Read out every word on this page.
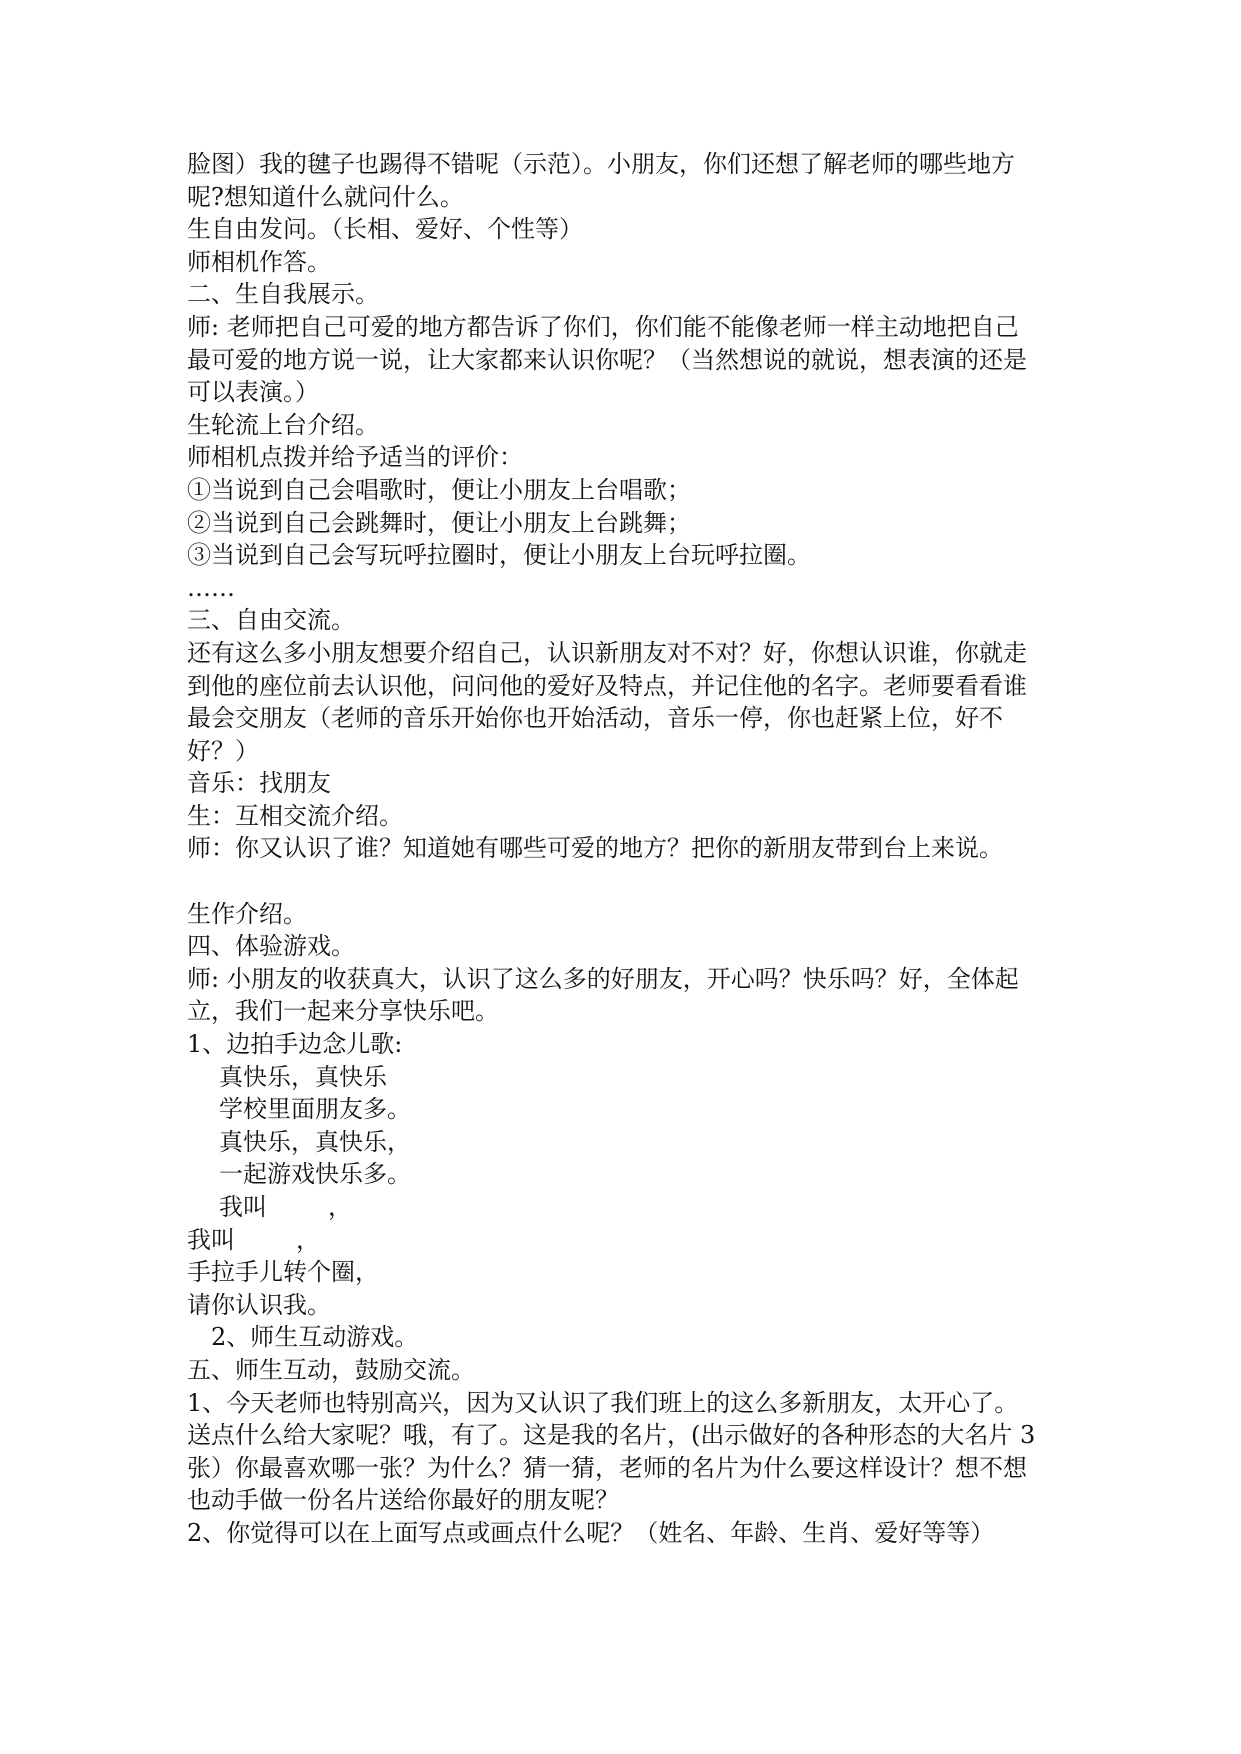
脸图）我的毽子也踢得不错呢（示范）。小朋友，你们还想了解老师的哪些地方
呢?想知道什么就问什么。
生自由发问。（长相、爱好、个性等）
师相机作答。
二、生自我展示。
师: 老师把自己可爱的地方都告诉了你们，你们能不能像老师一样主动地把自己
最可爱的地方说一说，让大家都来认识你呢？（当然想说的就说，想表演的还是
可以表演。）
生轮流上台介绍。
师相机点拨并给予适当的评价：
①当说到自己会唱歌时，便让小朋友上台唱歌；
②当说到自己会跳舞时，便让小朋友上台跳舞；
③当说到自己会写玩呼拉圈时，便让小朋友上台玩呼拉圈。
……
三、自由交流。
还有这么多小朋友想要介绍自己，认识新朋友对不对？好，你想认识谁，你就走
到他的座位前去认识他，问问他的爱好及特点，并记住他的名字。老师要看看谁
最会交朋友（老师的音乐开始你也开始活动，音乐一停，你也赶紧上位，好不
好？）
音乐：找朋友
生：互相交流介绍。
师：你又认识了谁？知道她有哪些可爱的地方？把你的新朋友带到台上来说。
生作介绍。
四、体验游戏。
师: 小朋友的收获真大，认识了这么多的好朋友，开心吗？快乐吗？好，全体起
立，我们一起来分享快乐吧。
1、边拍手边念儿歌:
真快乐，真快乐
学校里面朋友多。
真快乐，真快乐，
一起游戏快乐多。
我叫        ，
我叫        ，
手拉手儿转个圈，
请你认识我。
2、师生互动游戏。
五、师生互动，鼓励交流。
1、今天老师也特别高兴，因为又认识了我们班上的这么多新朋友，太开心了。
送点什么给大家呢？哦，有了。这是我的名片，(出示做好的各种形态的大名片 3
张）你最喜欢哪一张？为什么？猜一猜，老师的名片为什么要这样设计？想不想
也动手做一份名片送给你最好的朋友呢？
2、你觉得可以在上面写点或画点什么呢？（姓名、年龄、生肖、爱好等等）
